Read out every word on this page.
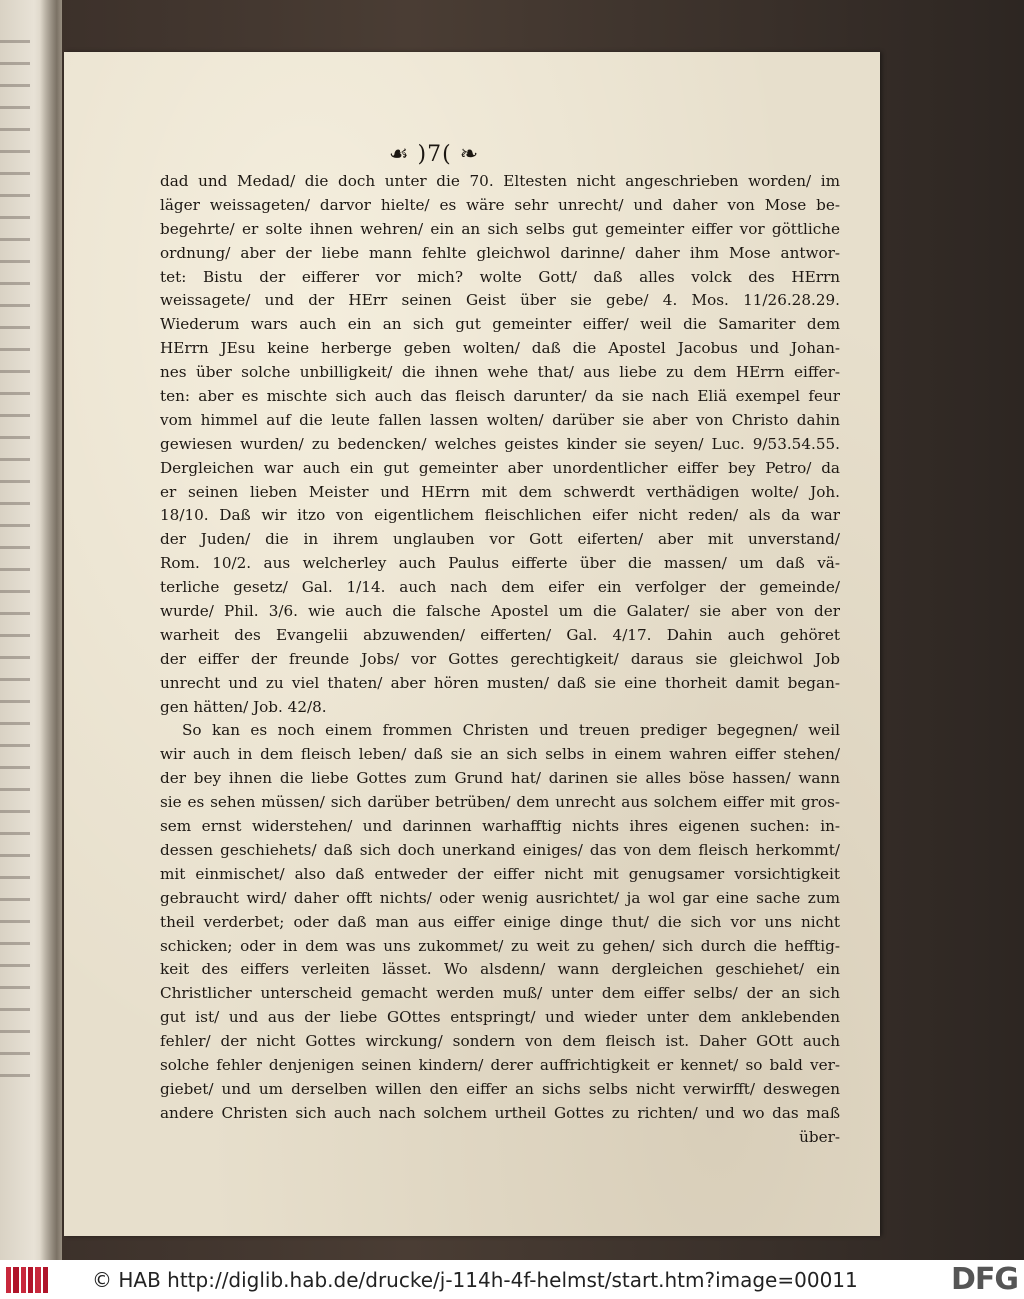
☙ )7( ❧
dad und Medad/ die doch unter die 70. Eltesten nicht angeschrieben worden/ im
läger weissageten/ darvor hielte/ es wäre sehr unrecht/ und daher von Mose be-
begehrte/ er solte ihnen wehren/ ein an sich selbs gut gemeinter eiffer vor göttliche
ordnung/ aber der liebe mann fehlte gleichwol darinne/ daher ihm Mose antwor-
tet: Bistu der eifferer vor mich? wolte Gott/ daß alles volck des HErrn
weissagete/ und der HErr seinen Geist über sie gebe/ 4. Mos. 11/26.28.29.
Wiederum wars auch ein an sich gut gemeinter eiffer/ weil die Samariter dem
HErrn JEsu keine herberge geben wolten/ daß die Apostel Jacobus und Johan-
nes über solche unbilligkeit/ die ihnen wehe that/ aus liebe zu dem HErrn eiffer-
ten: aber es mischte sich auch das fleisch darunter/ da sie nach Eliä exempel feur
vom himmel auf die leute fallen lassen wolten/ darüber sie aber von Christo dahin
gewiesen wurden/ zu bedencken/ welches geistes kinder sie seyen/ Luc. 9/53.54.55.
Dergleichen war auch ein gut gemeinter aber unordentlicher eiffer bey Petro/ da
er seinen lieben Meister und HErrn mit dem schwerdt verthädigen wolte/ Joh.
18/10. Daß wir itzo von eigentlichem fleischlichen eifer nicht reden/ als da war
der Juden/ die in ihrem unglauben vor Gott eiferten/ aber mit unverstand/
Rom. 10/2. aus welcherley auch Paulus eifferte über die massen/ um daß vä-
terliche gesetz/ Gal. 1/14. auch nach dem eifer ein verfolger der gemeinde/
wurde/ Phil. 3/6. wie auch die falsche Apostel um die Galater/ sie aber von der
warheit des Evangelii abzuwenden/ eifferten/ Gal. 4/17. Dahin auch gehöret
der eiffer der freunde Jobs/ vor Gottes gerechtigkeit/ daraus sie gleichwol Job
unrecht und zu viel thaten/ aber hören musten/ daß sie eine thorheit damit began-
gen hätten/ Job. 42/8.
So kan es noch einem frommen Christen und treuen prediger begegnen/ weil
wir auch in dem fleisch leben/ daß sie an sich selbs in einem wahren eiffer stehen/
der bey ihnen die liebe Gottes zum Grund hat/ darinen sie alles böse hassen/ wann
sie es sehen müssen/ sich darüber betrüben/ dem unrecht aus solchem eiffer mit gros-
sem ernst widerstehen/ und darinnen warhafftig nichts ihres eigenen suchen: in-
dessen geschiehets/ daß sich doch unerkand einiges/ das von dem fleisch herkommt/
mit einmischet/ also daß entweder der eiffer nicht mit genugsamer vorsichtigkeit
gebraucht wird/ daher offt nichts/ oder wenig ausrichtet/ ja wol gar eine sache zum
theil verderbet; oder daß man aus eiffer einige dinge thut/ die sich vor uns nicht
schicken; oder in dem was uns zukommet/ zu weit zu gehen/ sich durch die hefftig-
keit des eiffers verleiten lässet. Wo alsdenn/ wann dergleichen geschiehet/ ein
Christlicher unterscheid gemacht werden muß/ unter dem eiffer selbs/ der an sich
gut ist/ und aus der liebe GOttes entspringt/ und wieder unter dem anklebenden
fehler/ der nicht Gottes wirckung/ sondern von dem fleisch ist. Daher GOtt auch
solche fehler denjenigen seinen kindern/ derer auffrichtigkeit er kennet/ so bald ver-
giebet/ und um derselben willen den eiffer an sichs selbs nicht verwirfft/ deswegen
andere Christen sich auch nach solchem urtheil Gottes zu richten/ und wo das maß
über-
© HAB http://diglib.hab.de/drucke/j-114h-4f-helmst/start.htm?image=00011	DFG
